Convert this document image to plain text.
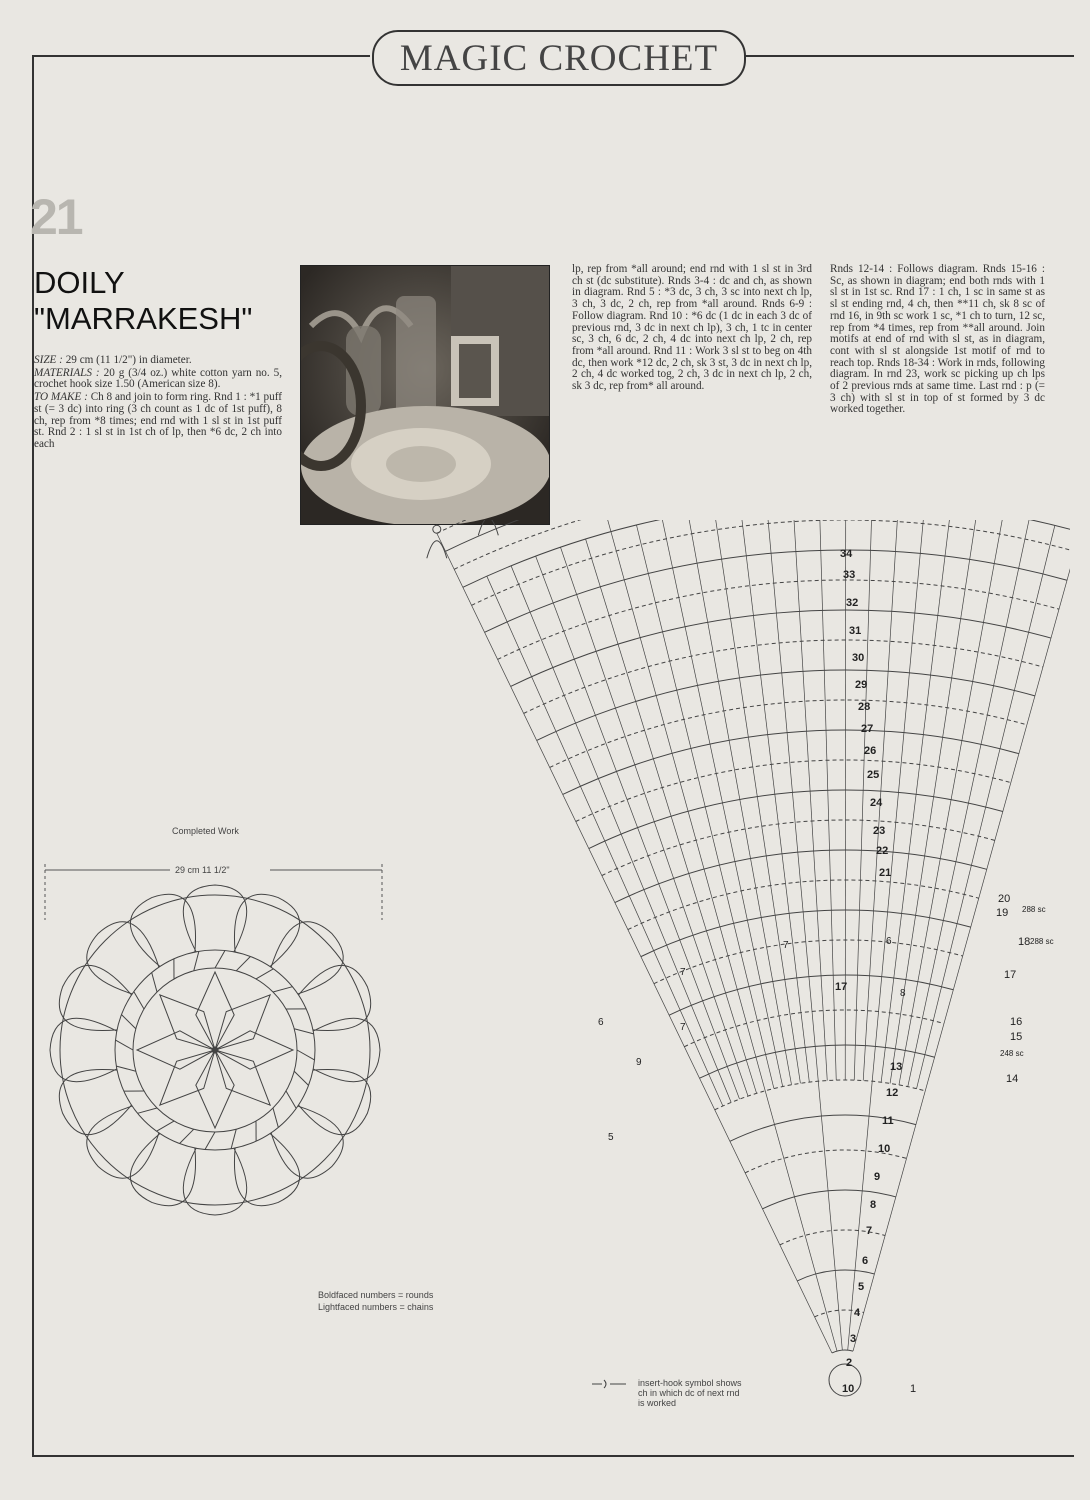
MAGIC CROCHET
21
DOILY
"MARRAKESH"

SIZE : 29 cm (11 1/2") in diameter.

MATERIALS : 20 g (3/4 oz.) white cotton yarn no. 5, crochet hook size 1.50 (American size 8).

TO MAKE : Ch 8 and join to form ring. Rnd 1 : *1 puff st (= 3 dc) into ring (3 ch count as 1 dc of 1st puff), 8 ch, rep from *8 times; end rnd with 1 sl st in 1st puff st. Rnd 2 : 1 sl st in 1st ch of lp, then *6 dc, 2 ch into each

lp, rep from *all around; end rnd with 1 sl st in 3rd ch st (dc substitute). Rnds 3-4 : dc and ch, as shown in diagram. Rnd 5 : *3 dc, 3 ch, 3 sc into next ch lp, 3 ch, 3 dc, 2 ch, rep from *all around. Rnds 6-9 : Follow diagram. Rnd 10 : *6 dc (1 dc in each 3 dc of previous rnd, 3 dc in next ch lp), 3 ch, 1 tc in center sc, 3 ch, 6 dc, 2 ch, 4 dc into next ch lp, 2 ch, rep from *all around. Rnd 11 : Work 3 sl st to beg on 4th dc, then work *12 dc, 2 ch, sk 3 st, 3 dc in next ch lp, 2 ch, 4 dc worked tog, 2 ch, 3 dc in next ch lp, 2 ch, sk 3 dc, rep from* all around.
Rnds 12-14 : Follows diagram. Rnds 15-16 : Sc, as shown in diagram; end both rnds with 1 sl st in 1st sc. Rnd 17 : 1 ch, 1 sc in same st as sl st ending rnd, 4 ch, then **11 ch, sk 8 sc of rnd 16, in 9th sc work 1 sc, *1 ch to turn, 12 sc, rep from *4 times, rep from **all around. Join motifs at end of rnd with sl st, as in diagram, cont with sl st alongside 1st motif of rnd to reach top. Rnds 18-34 : Work in rnds, following diagram. In rnd 23, work sc picking up ch lps of 2 previous rnds at same time. Last rnd : p (= 3 ch) with sl st in top of st formed by 3 dc worked together.
Completed Work
29 cm 11 1/2"
34
33
32
31
30
29
28
27
26
25
24
23
22
21
17
13
12
11
10
9
8
7
6
5
4
3
2
10
20
19
18
17
16
15
14
1
288 sc
288 sc
248 sc
7
7
7
6
6
8
9
5
Boldfaced numbers = rounds
Lightfaced numbers = chains
insert-hook symbol shows ch in which dc of next rnd is worked
